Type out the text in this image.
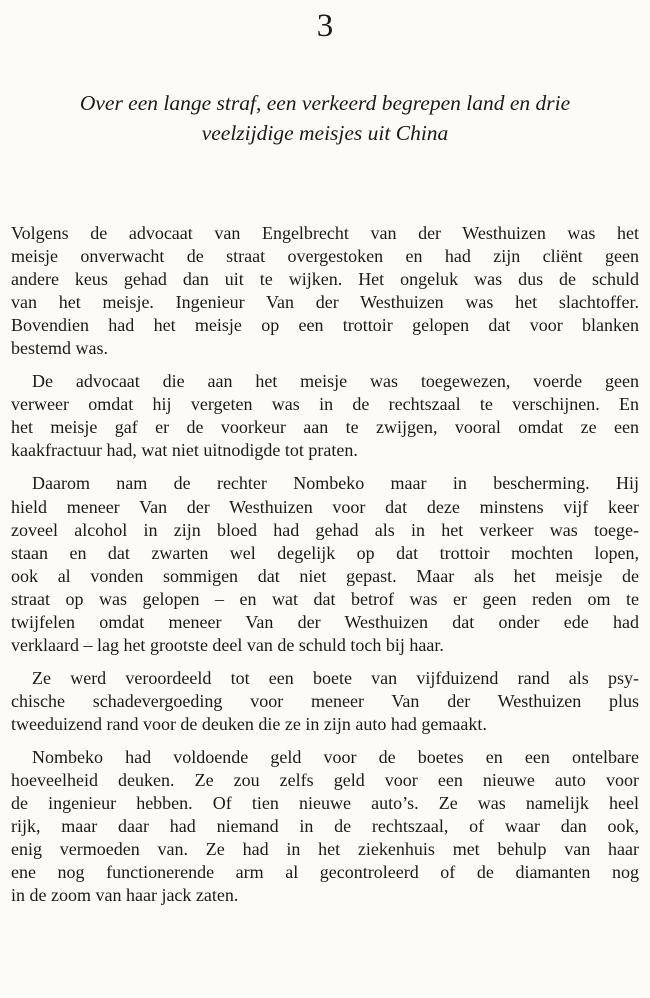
3
Over een lange straf, een verkeerd begrepen land en drie
veelzijdige meisjes uit China

Volgens de advocaat van Engelbrecht van der Westhuizen was het
meisje onverwacht de straat overgestoken en had zijn cliënt geen
andere keus gehad dan uit te wijken. Het ongeluk was dus de schuld
van het meisje. Ingenieur Van der Westhuizen was het slachtoffer.
Bovendien had het meisje op een trottoir gelopen dat voor blanken
bestemd was.

De advocaat die aan het meisje was toegewezen, voerde geen
verweer omdat hij vergeten was in de rechtszaal te verschijnen. En
het meisje gaf er de voorkeur aan te zwijgen, vooral omdat ze een
kaakfractuur had, wat niet uitnodigde tot praten.

Daarom nam de rechter Nombeko maar in bescherming. Hij
hield meneer Van der Westhuizen voor dat deze minstens vijf keer
zoveel alcohol in zijn bloed had gehad als in het verkeer was toege-
staan en dat zwarten wel degelijk op dat trottoir mochten lopen,
ook al vonden sommigen dat niet gepast. Maar als het meisje de
straat op was gelopen – en wat dat betrof was er geen reden om te
twijfelen omdat meneer Van der Westhuizen dat onder ede had
verklaard – lag het grootste deel van de schuld toch bij haar.

Ze werd veroordeeld tot een boete van vijfduizend rand als psy-
chische schadevergoeding voor meneer Van der Westhuizen plus
tweeduizend rand voor de deuken die ze in zijn auto had gemaakt.

Nombeko had voldoende geld voor de boetes en een ontelbare
hoeveelheid deuken. Ze zou zelfs geld voor een nieuwe auto voor
de ingenieur hebben. Of tien nieuwe auto’s. Ze was namelijk heel
rijk, maar daar had niemand in de rechtszaal, of waar dan ook,
enig vermoeden van. Ze had in het ziekenhuis met behulp van haar
ene nog functionerende arm al gecontroleerd of de diamanten nog
in de zoom van haar jack zaten.
